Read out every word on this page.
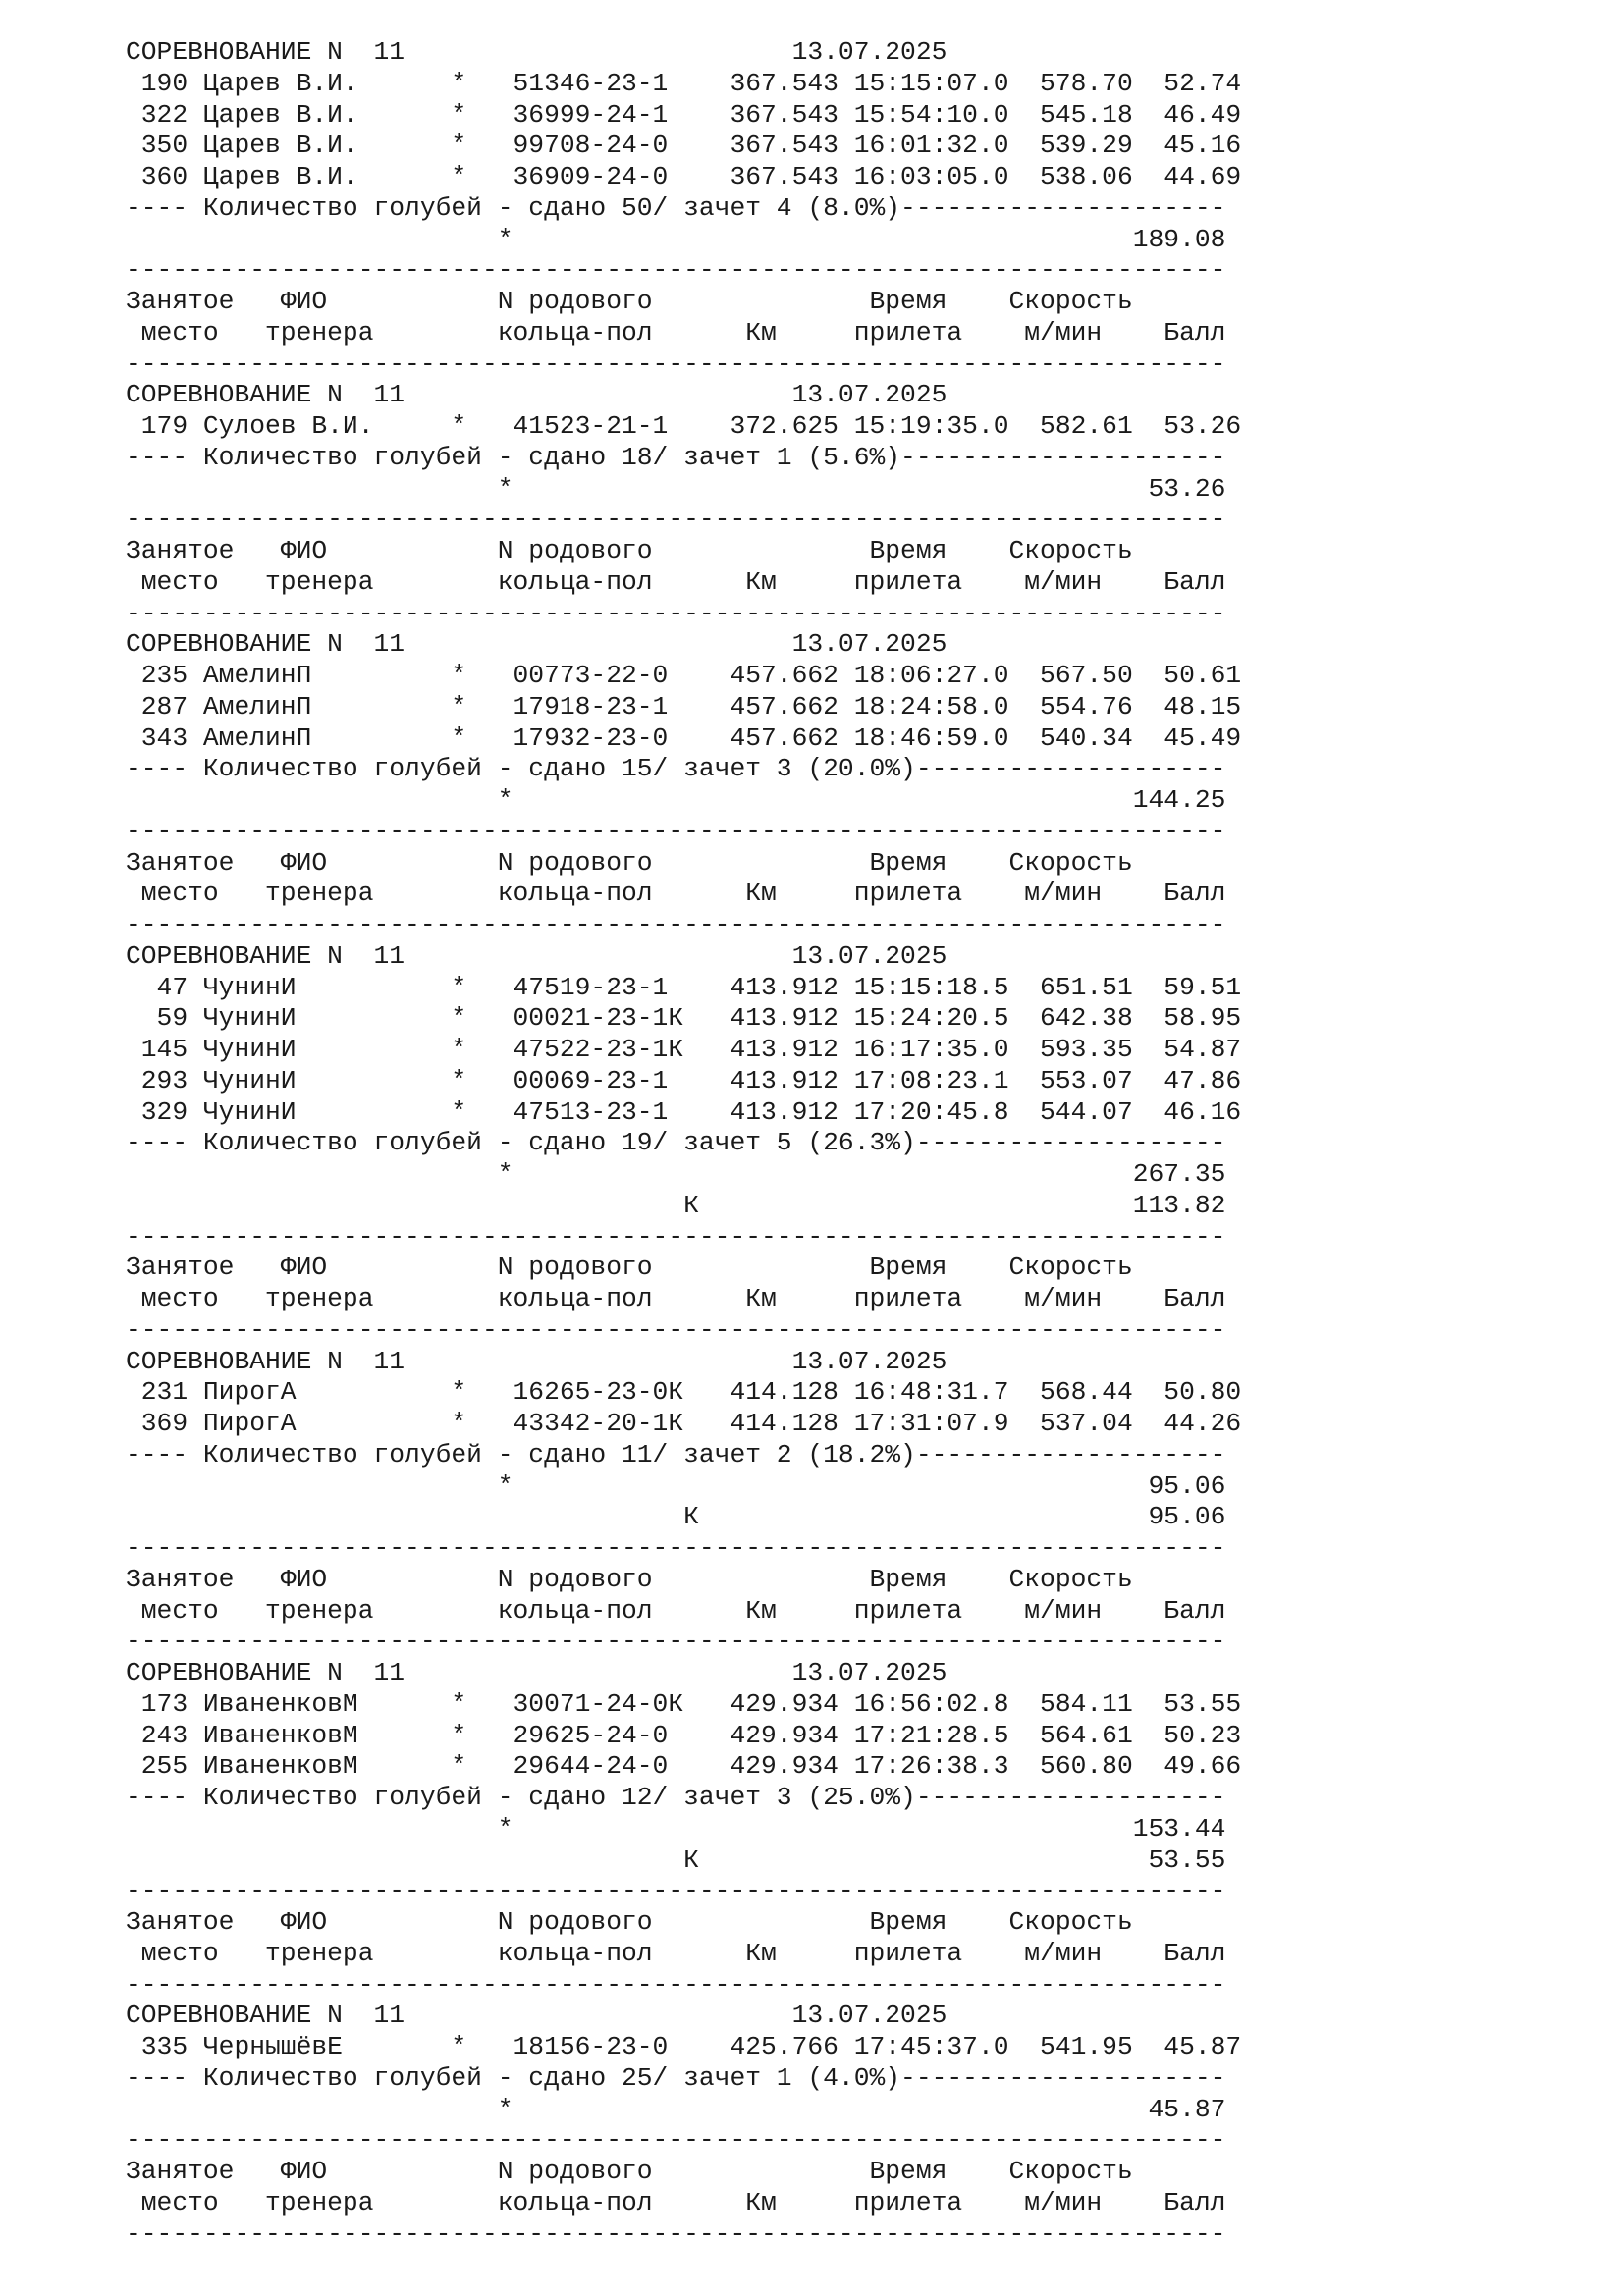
СОРЕВНОВАНИЕ N  11                         13.07.2025
190 Царев В.И.      *   51346-23-1    367.543 15:15:07.0  578.70  52.74
322 Царев В.И.      *   36999-24-1    367.543 15:54:10.0  545.18  46.49
350 Царев В.И.      *   99708-24-0    367.543 16:01:32.0  539.29  45.16
360 Царев В.И.      *   36909-24-0    367.543 16:03:05.0  538.06  44.69
---- Количество голубей - сдано 50/ зачет 4 (8.0%)---------------------
*                                        189.08
-----------------------------------------------------------------------
Занятое   ФИО           N родового              Время    Скорость
место   тренера        кольца-пол      Км     прилета    м/мин    Балл
-----------------------------------------------------------------------
СОРЕВНОВАНИЕ N  11                         13.07.2025
179 Сулоев В.И.     *   41523-21-1    372.625 15:19:35.0  582.61  53.26
---- Количество голубей - сдано 18/ зачет 1 (5.6%)---------------------
*                                         53.26
-----------------------------------------------------------------------
Занятое   ФИО           N родового              Время    Скорость
место   тренера        кольца-пол      Км     прилета    м/мин    Балл
-----------------------------------------------------------------------
СОРЕВНОВАНИЕ N  11                         13.07.2025
235 АмелинП         *   00773-22-0    457.662 18:06:27.0  567.50  50.61
287 АмелинП         *   17918-23-1    457.662 18:24:58.0  554.76  48.15
343 АмелинП         *   17932-23-0    457.662 18:46:59.0  540.34  45.49
---- Количество голубей - сдано 15/ зачет 3 (20.0%)--------------------
*                                        144.25
-----------------------------------------------------------------------
Занятое   ФИО           N родового              Время    Скорость
место   тренера        кольца-пол      Км     прилета    м/мин    Балл
-----------------------------------------------------------------------
СОРЕВНОВАНИЕ N  11                         13.07.2025
47 ЧунинИ          *   47519-23-1    413.912 15:15:18.5  651.51  59.51
59 ЧунинИ          *   00021-23-1К   413.912 15:24:20.5  642.38  58.95
145 ЧунинИ          *   47522-23-1К   413.912 16:17:35.0  593.35  54.87
293 ЧунинИ          *   00069-23-1    413.912 17:08:23.1  553.07  47.86
329 ЧунинИ          *   47513-23-1    413.912 17:20:45.8  544.07  46.16
---- Количество голубей - сдано 19/ зачет 5 (26.3%)--------------------
*                                        267.35
К                            113.82
-----------------------------------------------------------------------
Занятое   ФИО           N родового              Время    Скорость
место   тренера        кольца-пол      Км     прилета    м/мин    Балл
-----------------------------------------------------------------------
СОРЕВНОВАНИЕ N  11                         13.07.2025
231 ПирогА          *   16265-23-0К   414.128 16:48:31.7  568.44  50.80
369 ПирогА          *   43342-20-1К   414.128 17:31:07.9  537.04  44.26
---- Количество голубей - сдано 11/ зачет 2 (18.2%)--------------------
*                                         95.06
К                             95.06
-----------------------------------------------------------------------
Занятое   ФИО           N родового              Время    Скорость
место   тренера        кольца-пол      Км     прилета    м/мин    Балл
-----------------------------------------------------------------------
СОРЕВНОВАНИЕ N  11                         13.07.2025
173 ИваненковМ      *   30071-24-0К   429.934 16:56:02.8  584.11  53.55
243 ИваненковМ      *   29625-24-0    429.934 17:21:28.5  564.61  50.23
255 ИваненковМ      *   29644-24-0    429.934 17:26:38.3  560.80  49.66
---- Количество голубей - сдано 12/ зачет 3 (25.0%)--------------------
*                                        153.44
К                             53.55
-----------------------------------------------------------------------
Занятое   ФИО           N родового              Время    Скорость
место   тренера        кольца-пол      Км     прилета    м/мин    Балл
-----------------------------------------------------------------------
СОРЕВНОВАНИЕ N  11                         13.07.2025
335 ЧернышёвЕ       *   18156-23-0    425.766 17:45:37.0  541.95  45.87
---- Количество голубей - сдано 25/ зачет 1 (4.0%)---------------------
*                                         45.87
-----------------------------------------------------------------------
Занятое   ФИО           N родового              Время    Скорость
место   тренера        кольца-пол      Км     прилета    м/мин    Балл
-----------------------------------------------------------------------
